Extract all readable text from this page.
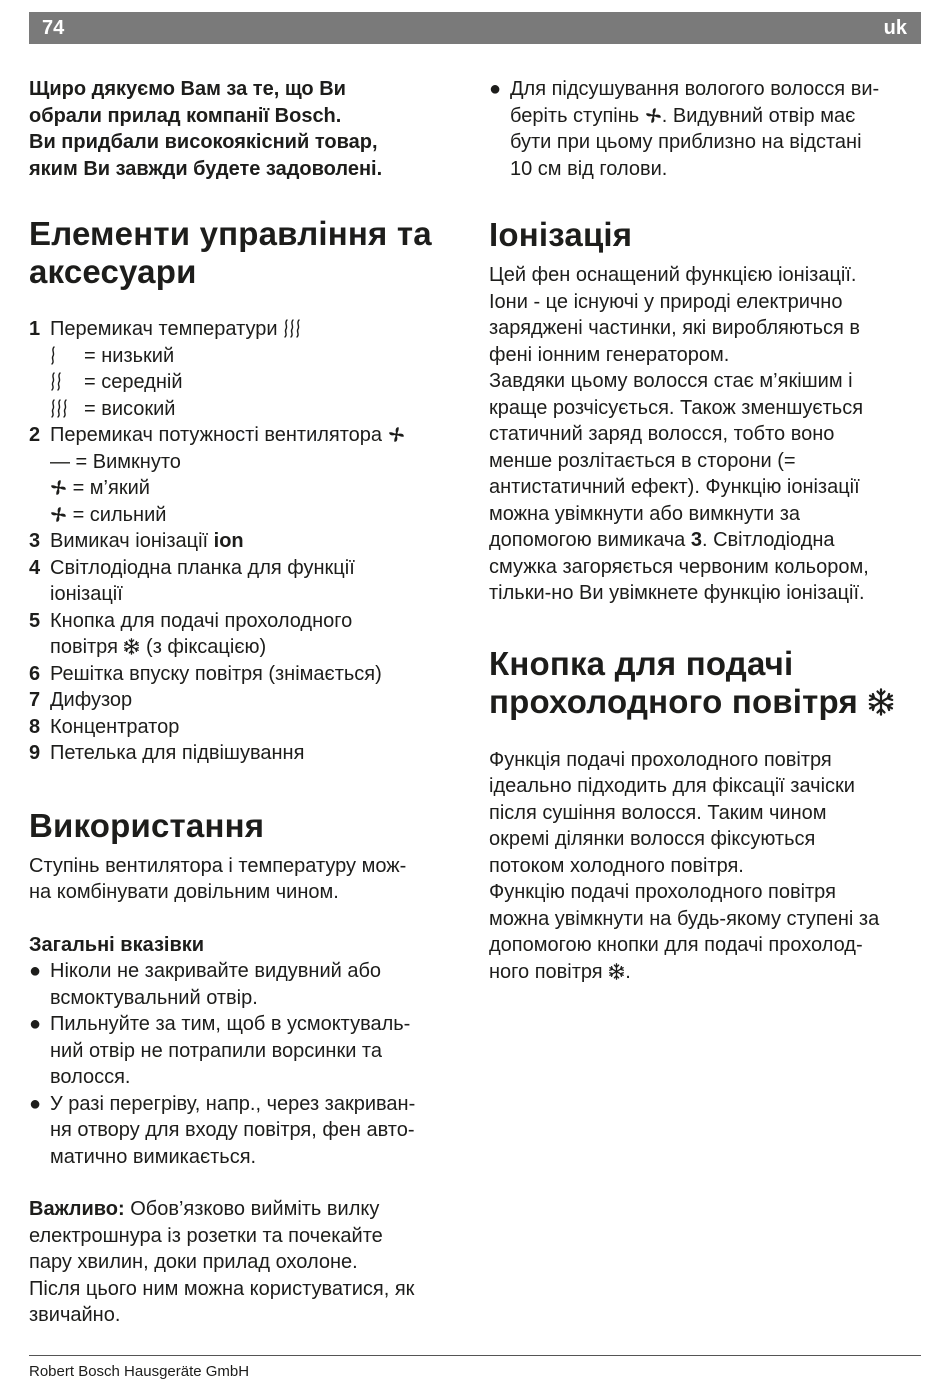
74	uk
Щиро дякуємо Вам за те, що Ви
обрали прилад компанії Bosch.
Ви придбали високоякісний товар,
яким Ви завжди будете задоволені.
Елементи управління та
аксесуари
1 Перемикач температури
= низький
= середній
= високий
2 Перемикач потужності вентилятора
— = Вимкнуто
= м’який
= сильний
3 Вимикач іонізації ion
4 Світлодіодна планка для функції
іонізації
5 Кнопка для подачі прохолодного
повітря (з фіксацією)
6 Решітка впуску повітря (знімається)
7 Дифузор
8 Концентратор
9 Петелька для підвішування
Використання
Ступінь вентилятора і температуру мож-
на комбінувати довільним чином.
Загальні вказівки
● Ніколи не закривайте видувний або
всмоктувальний отвір.
● Пильнуйте за тим, щоб в усмоктуваль-
ний отвір не потрапили ворсинки та
волосся.
● У разі перегріву, напр., через закриван-
ня отвору для входу повітря, фен авто-
матично вимикається.
Важливо: Обов’язково вийміть вилку
електрошнура із розетки та почекайте
пару хвилин, доки прилад охолоне.
Після цього ним можна користуватися, як
звичайно.
● Для підсушування вологого волосся ви-
беріть ступінь . Видувний отвір має
бути при цьому приблизно на відстані
10 см від голови.
Іонізація
Цей фен оснащений функцією іонізації.
Іони - це існуючі у природі електрично
заряджені частинки, які виробляються в
фені іонним генератором.
Завдяки цьому волосся стає м’якішим і
краще розчісується. Також зменшується
статичний заряд волосся, тобто воно
менше розлітається в сторони (=
антистатичний ефект). Функцію іонізації
можна увімкнути або вимкнути за
допомогою вимикача 3. Світлодіодна
смужка загоряється червоним кольором,
тільки-но Ви увімкнете функцію іонізації.
Кнопка для подачі
прохолодного повітря
Функція подачі прохолодного повітря
ідеально підходить для фіксації зачіски
після сушіння волосся. Таким чином
окремі ділянки волосся фіксуються
потоком холодного повітря.
Функцію подачі прохолодного повітря
можна увімкнути на будь-якому ступені за
допомогою кнопки для подачі прохолод-
ного повітря .
Robert Bosch Hausgeräte GmbH
